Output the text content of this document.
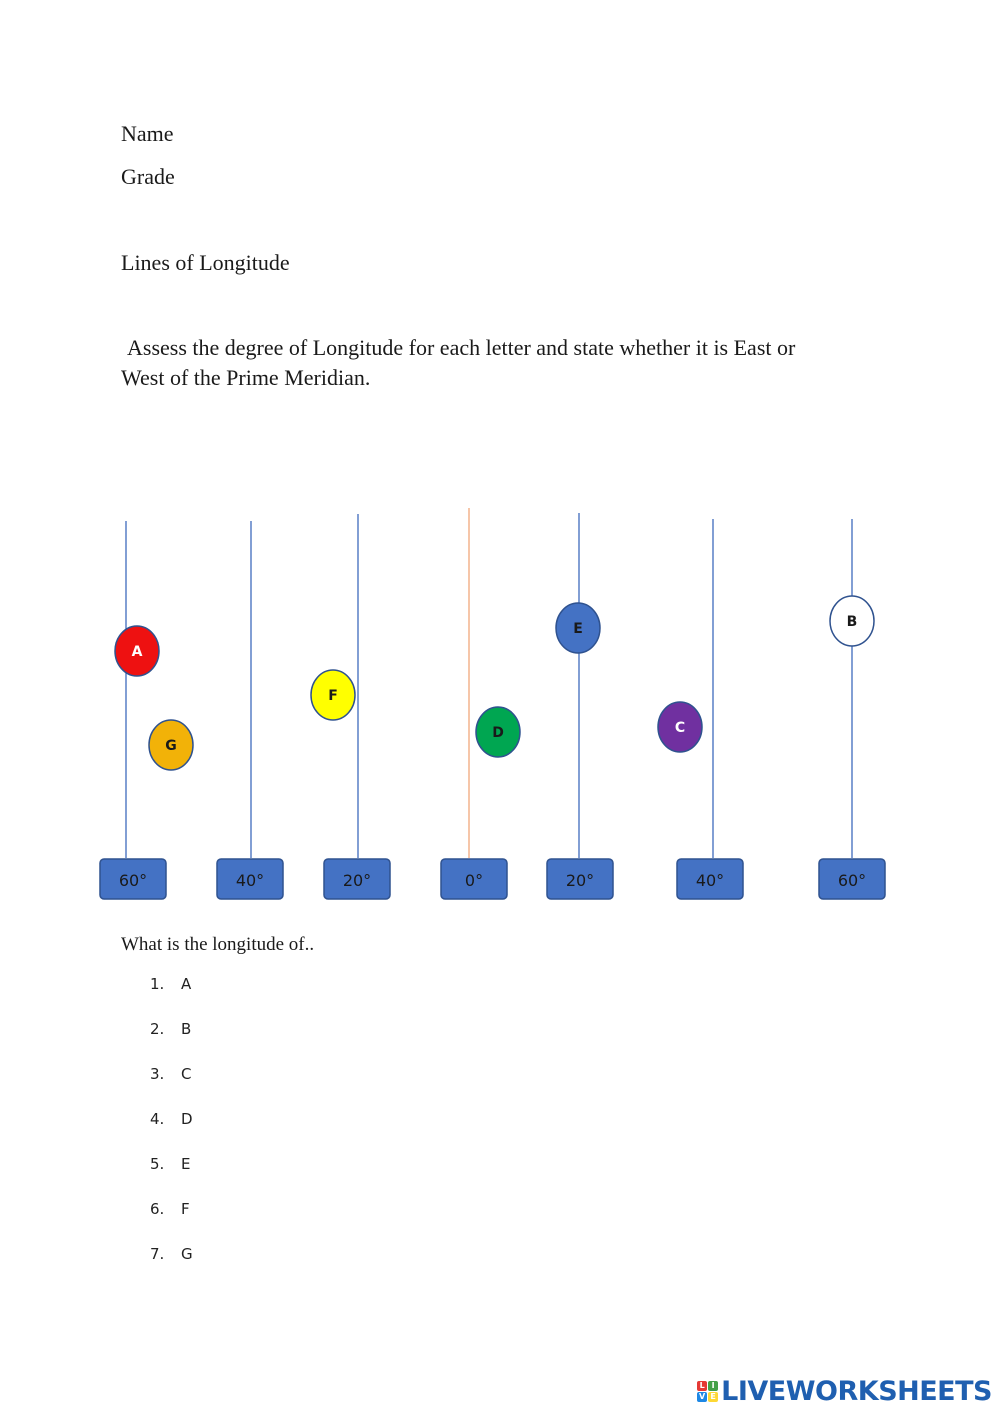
Name
Grade
Lines of Longitude
Assess the degree of Longitude for each letter and state whether it is East or
West of the Prime Meridian.
60°	40°	20°	0°	20°	40°	60°
A
G
F
D
E
C
B
What is the longitude of..
1.	A
2.	B
3.	C
4.	D
5.	E
6.	F
7.	G
L I
V E LIVEWORKSHEETS
